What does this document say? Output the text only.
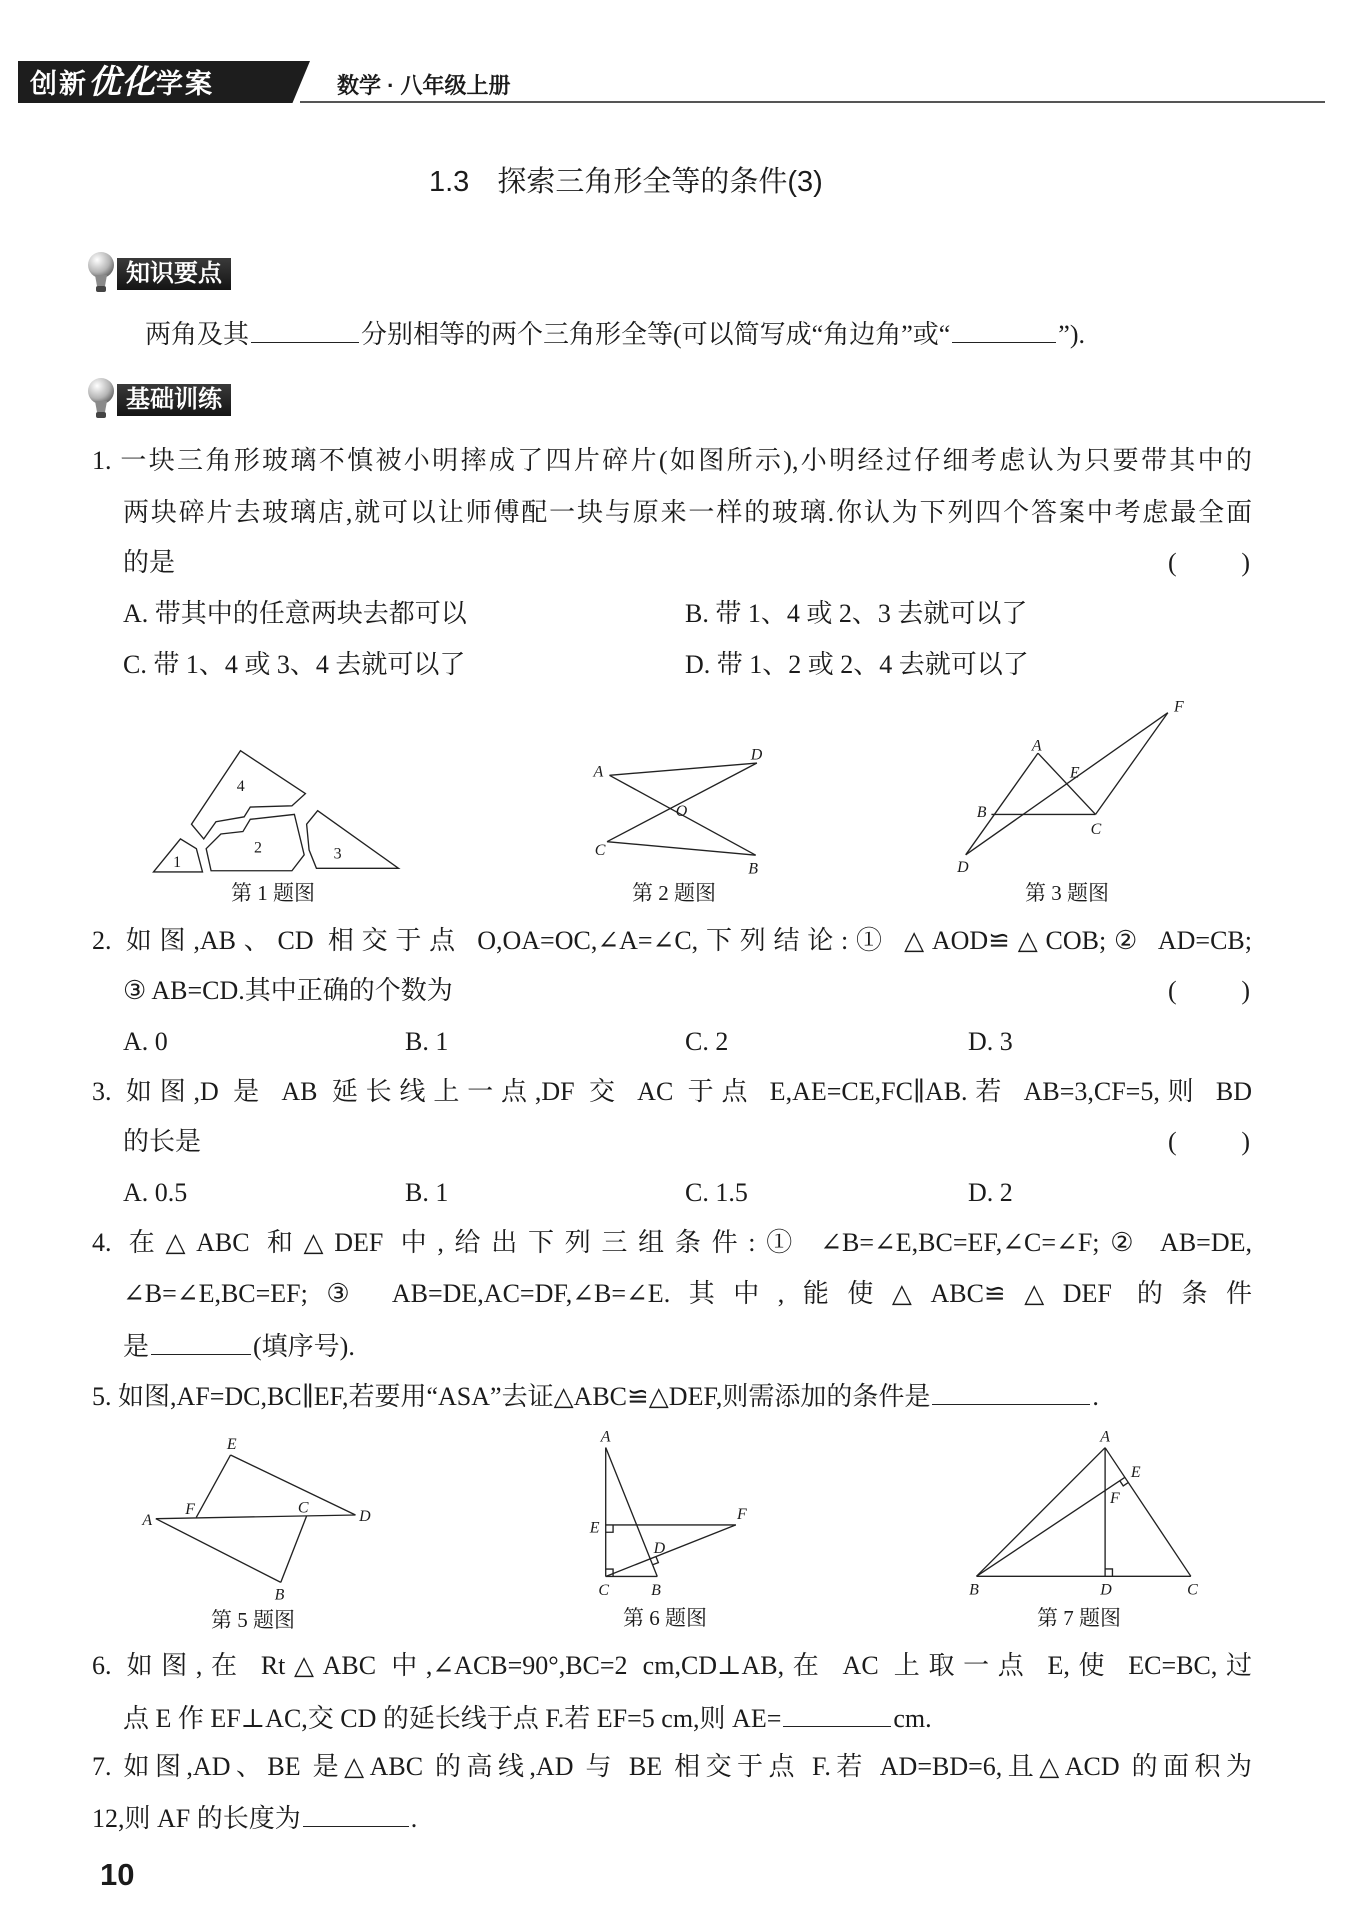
创新优化学案	数学 · 八年级上册
1.3 探索三角形全等的条件(3)
知识要点
两角及其	分别相等的两个三角形全等(可以简写成“角边角”或“	”).
基础训练
1. 一块三角形玻璃不慎被小明摔成了四片碎片(如图所示),小明经过仔细考虑认为只要带其中的
两块碎片去玻璃店,就可以让师傅配一块与原来一样的玻璃.你认为下列四个答案中考虑最全面
的是	( )
A. 带其中的任意两块去都可以	B. 带 1、4 或 2、3 去就可以了
C. 带 1、4 或 3、4 去就可以了	D. 带 1、2 或 2、4 去就可以了
4
2	3
1
第 1 题图
A
D
O
C
B
第 2 题图
F
A
E
B
C
D
第 3 题图
2. 如图,AB、CD 相交于点 O,OA=OC,∠A=∠C,下列结论:① △AOD≌△COB;② AD=CB;
③ AB=CD.其中正确的个数为	( )
A. 0	B. 1	C. 2	D. 3
3. 如图,D 是 AB 延长线上一点,DF 交 AC 于点 E,AE=CE,FC∥AB.若 AB=3,CF=5,则 BD
的长是	( )
A. 0.5	B. 1	C. 1.5	D. 2
4. 在△ABC 和△DEF 中,给出下列三组条件:① ∠B=∠E,BC=EF,∠C=∠F;② AB=DE,
∠B=∠E,BC=EF;③ AB=DE,AC=DF,∠B=∠E.其中,能使△ABC≌△DEF 的条件
是	(填序号).
5. 如图,AF=DC,BC∥EF,若要用“ASA”去证△ABC≌△DEF,则需添加的条件是	.
E
F	C
A	D
B
第 5 题图
A
E
F
D
C	B
第 6 题图
A
E
F
B	D	C
第 7 题图
6. 如图,在 Rt△ABC 中,∠ACB=90°,BC=2 cm,CD⊥AB,在 AC 上取一点 E,使 EC=BC,过
点 E 作 EF⊥AC,交 CD 的延长线于点 F.若 EF=5 cm,则 AE=	cm.
7. 如图,AD、BE 是△ABC 的高线,AD 与 BE 相交于点 F.若 AD=BD=6,且△ACD 的面积为
12,则 AF 的长度为	.
10
